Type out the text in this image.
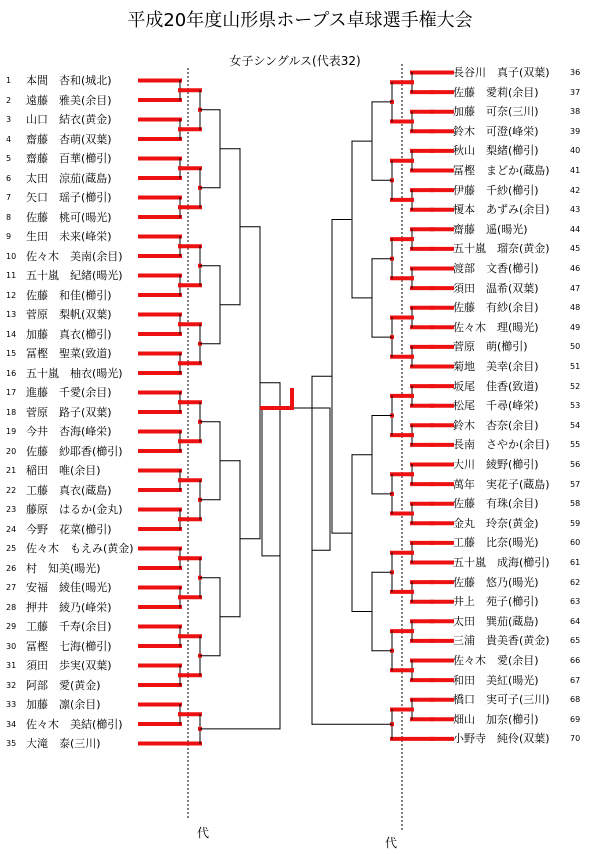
平成20年度山形県ホープス卓球選手権大会
女子シングルス(代表32)
代
代
1 本間　杏和(城北)
2 遠藤　雅美(余目)
3 山口　結衣(黄金)
4 齋藤　杏萌(双葉)
5 齋藤　百華(櫛引)
6 太田　涼茄(蔵島)
7 矢口　瑶子(櫛引)
8 佐藤　桃可(暘光)
9 生田　未来(峰栄)
10 佐々木　美南(余目)
11 五十嵐　紀緒(暘光)
12 佐藤　和佳(櫛引)
13 菅原　梨帆(双葉)
14 加藤　真衣(櫛引)
15 冨樫　聖菜(致道)
16 五十嵐　柚衣(暘光)
17 進藤　千愛(余目)
18 菅原　路子(双葉)
19 今井　杏海(峰栄)
20 佐藤　紗耶香(櫛引)
21 稲田　唯(余目)
22 工藤　真衣(蔵島)
23 藤原　はるか(金丸)
24 今野　花菜(櫛引)
25 佐々木　もえみ(黄金)
26 村　知美(暘光)
27 安福　綾佳(暘光)
28 押井　綾乃(峰栄)
29 工藤　千寿(余目)
30 冨樫　七海(櫛引)
31 須田　歩実(双葉)
32 阿部　愛(黄金)
33 加藤　凛(余目)
34 佐々木　美結(櫛引)
35 大滝　泰(三川)
36
長谷川　真子(双葉)
37
佐藤　愛莉(余目)
38
加藤　可奈(三川)
39
鈴木　可澄(峰栄)
40
秋山　梨緒(櫛引)
41
冨樫　まどか(蔵島)
42
伊藤　千紗(櫛引)
43
榎本　あずみ(余目)
44
齋藤　遥(暘光)
45
五十嵐　瑠奈(黄金)
46
渡部　文香(櫛引)
47
須田　温希(双葉)
48
佐藤　有紗(余目)
49
佐々木　理(暘光)
50
菅原　萌(櫛引)
51
菊地　美幸(余目)
52
坂尾　佳香(致道)
53
松尾　千尋(峰栄)
54
鈴木　杏奈(余目)
55
長南　さやか(余目)
56
大川　綾野(櫛引)
57
萬年　実花子(蔵島)
58
佐藤　有珠(余目)
59
金丸　玲奈(黄金)
60
工藤　比奈(暘光)
61
五十嵐　成海(櫛引)
62
佐藤　悠乃(暘光)
63
井上　苑子(櫛引)
64
太田　巽茄(蔵島)
65
三浦　貴美香(黄金)
66
佐々木　愛(余目)
67
和田　美紅(暘光)
68
橋口　実可子(三川)
69
畑山　加奈(櫛引)
70
小野寺　純伶(双葉)
